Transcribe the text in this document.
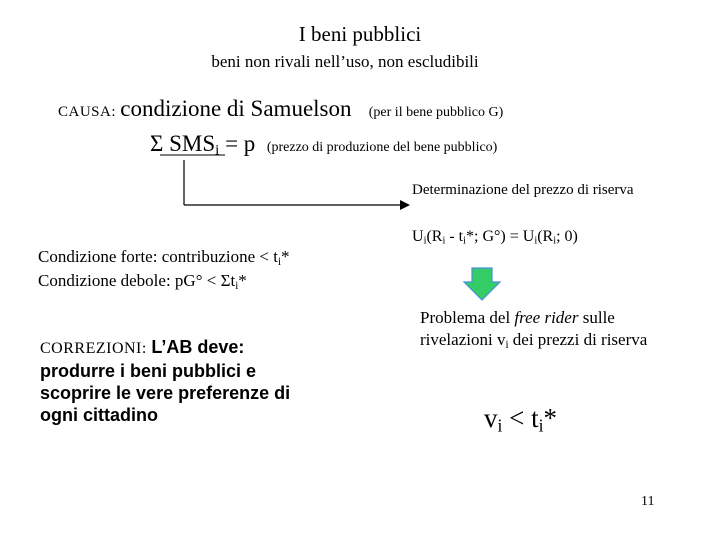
I beni pubblici
beni non rivali nell’uso, non escludibili
CAUSA: condizione di Samuelson (per il bene pubblico G)
Σ $SMS_i = p$ (prezzo di produzione del bene pubblico)
Determinazione del prezzo di riserva
$U_i(R_i - t_i*$; $G^\circ) = U_i(R_i$; 0)
Condizione forte: contribuzione < $t_i*$
Condizione debole: $pG^\circ < \Sigma t_i*$
CORREZIONI: L’AB deve: produrre i beni pubblici e scoprire le vere preferenze di ogni cittadino
Problema del free rider sulle rivelazioni $v_i$ dei prezzi di riserva
$v_i < t_i*$
11
